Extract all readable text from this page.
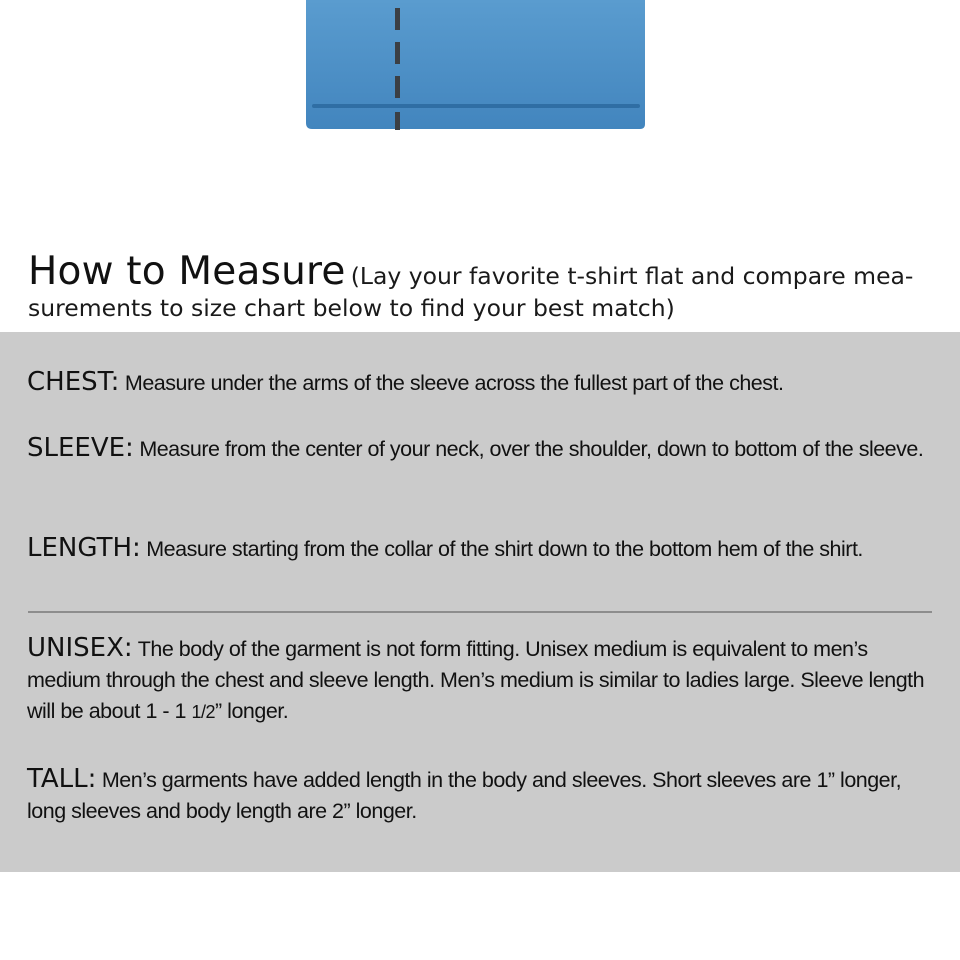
How to Measure (Lay your favorite t-shirt flat and compare mea-
surements to size chart below to find your best match)
CHEST: Measure under the arms of the sleeve across the fullest part of the chest.
SLEEVE: Measure from the center of your neck, over the shoulder, down to bottom of the sleeve.
LENGTH: Measure starting from the collar of the shirt down to the bottom hem of the shirt.
UNISEX: The body of the garment is not form fitting. Unisex medium is equivalent to men’s medium through the chest and sleeve length. Men’s medium is similar to ladies large. Sleeve length will be about 1 - 1 1/2” longer.
TALL: Men’s garments have added length in the body and sleeves. Short sleeves are 1” longer, long sleeves and body length are 2” longer.
